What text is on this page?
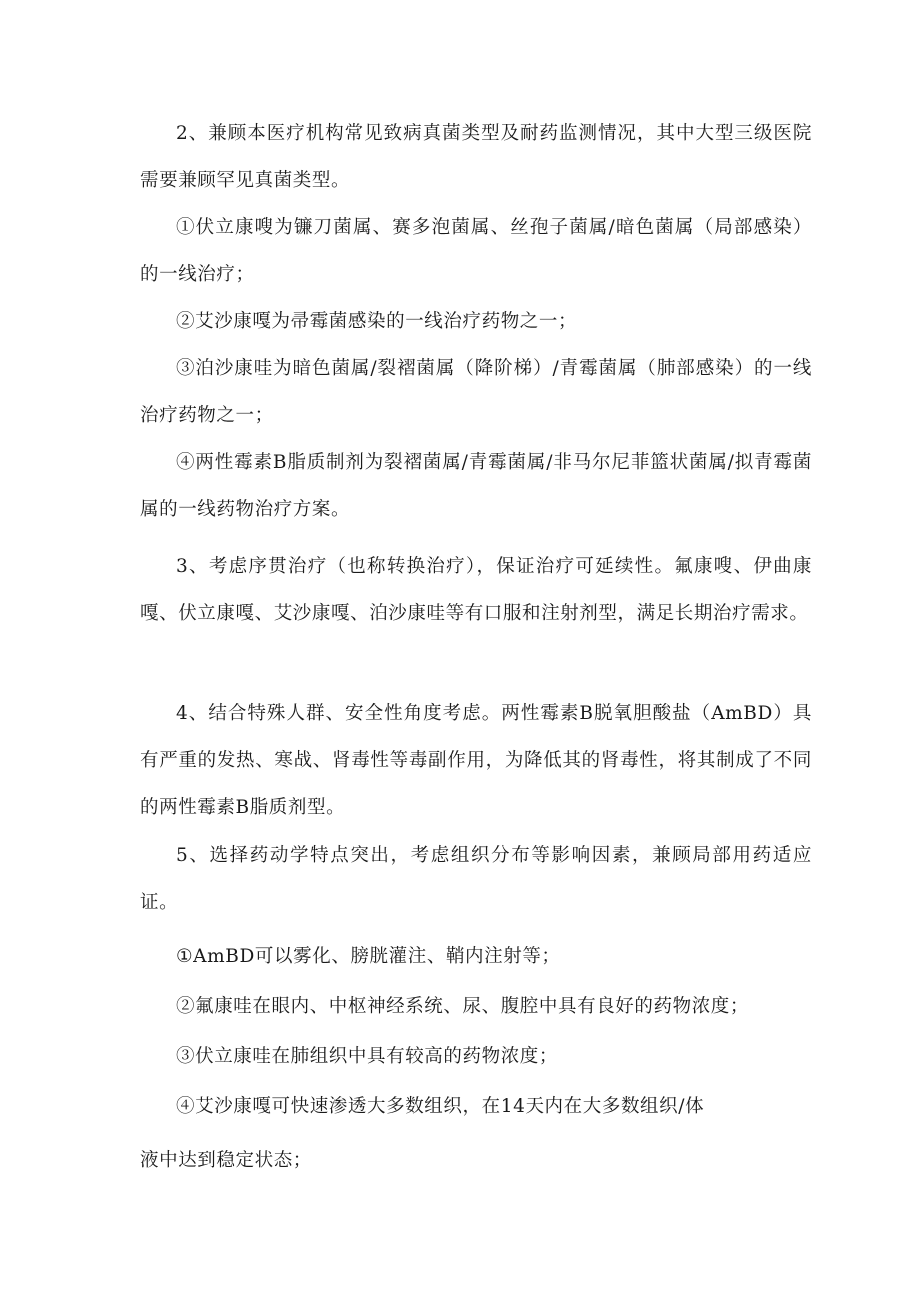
2、兼顾本医疗机构常见致病真菌类型及耐药监测情况，其中大型三级医院需要兼顾罕见真菌类型。

①伏立康嗖为镰刀菌属、赛多泡菌属、丝孢子菌属/暗色菌属（局部感染）的一线治疗；

②艾沙康嘎为帚霉菌感染的一线治疗药物之一；

③泊沙康哇为暗色菌属/裂褶菌属（降阶梯）/青霉菌属（肺部感染）的一线治疗药物之一；

④两性霉素B脂质制剂为裂褶菌属/青霉菌属/非马尔尼菲篮状菌属/拟青霉菌属的一线药物治疗方案。

3、考虑序贯治疗（也称转换治疗），保证治疗可延续性。氟康嗖、伊曲康嘎、伏立康嘎、艾沙康嘎、泊沙康哇等有口服和注射剂型，满足长期治疗需求。

4、结合特殊人群、安全性角度考虑。两性霉素B脱氧胆酸盐（AmBD）具有严重的发热、寒战、肾毒性等毒副作用，为降低其的肾毒性，将其制成了不同的两性霉素B脂质剂型。

5、选择药动学特点突出，考虑组织分布等影响因素，兼顾局部用药适应证。

①AmBD可以雾化、膀胱灌注、鞘内注射等；

②氟康哇在眼内、中枢神经系统、尿、腹腔中具有良好的药物浓度；

③伏立康哇在肺组织中具有较高的药物浓度；

④艾沙康嘎可快速渗透大多数组织，在14天内在大多数组织/体

液中达到稳定状态；
